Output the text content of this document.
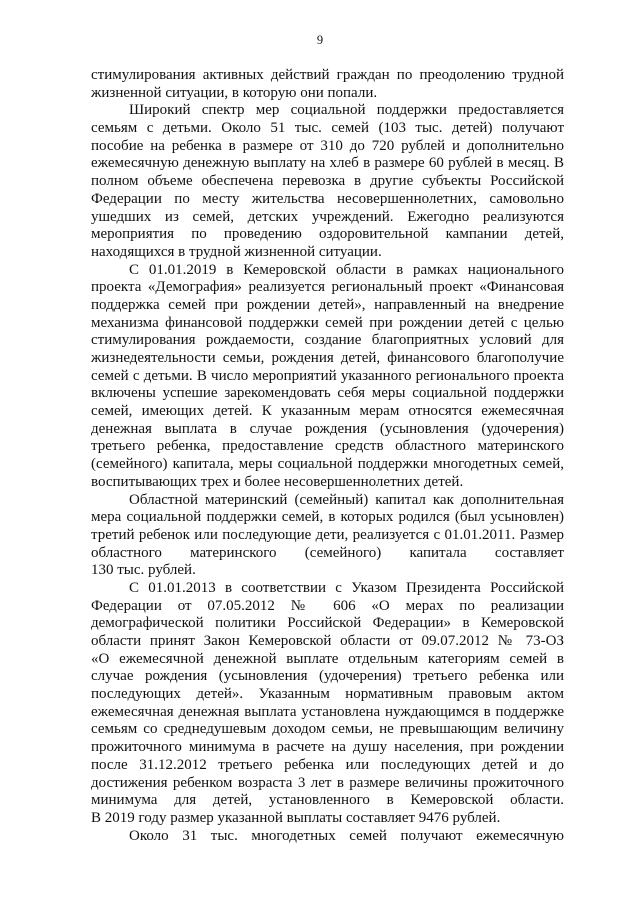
9
стимулирования активных действий граждан по преодолению трудной
жизненной ситуации, в которую они попали.
Широкий спектр мер социальной поддержки предоставляется
семьям с детьми. Около 51 тыс. семей (103 тыс. детей) получают
пособие на ребенка в размере от 310 до 720 рублей и дополнительно
ежемесячную денежную выплату на хлеб в размере 60 рублей в месяц. В
полном объеме обеспечена перевозка в другие субъекты Российской
Федерации по месту жительства несовершеннолетних, самовольно
ушедших из семей, детских учреждений. Ежегодно реализуются
мероприятия по проведению оздоровительной кампании детей,
находящихся в трудной жизненной ситуации.
С 01.01.2019 в Кемеровской области в рамках национального
проекта «Демография» реализуется региональный проект «Финансовая
поддержка семей при рождении детей», направленный на внедрение
механизма финансовой поддержки семей при рождении детей с целью
стимулирования рождаемости, создание благоприятных условий для
жизнедеятельности семьи, рождения детей, финансового благополучие
семей с детьми. В число мероприятий указанного регионального проекта
включены успешие зарекомендовать себя меры социальной поддержки
семей, имеющих детей. К указанным мерам относятся ежемесячная
денежная выплата в случае рождения (усыновления (удочерения)
третьего ребенка, предоставление средств областного материнского
(семейного) капитала, меры социальной поддержки многодетных семей,
воспитывающих трех и более несовершеннолетних детей.
Областной материнский (семейный) капитал как дополнительная
мера социальной поддержки семей, в которых родился (был усыновлен)
третий ребенок или последующие дети, реализуется с 01.01.2011. Размер
областного материнского (семейного) капитала составляет
130 тыс. рублей.
С 01.01.2013 в соответствии с Указом Президента Российской
Федерации от 07.05.2012 № 606 «О мерах по реализации
демографической политики Российской Федерации» в Кемеровской
области принят Закон Кемеровской области от 09.07.2012 № 73-ОЗ
«О ежемесячной денежной выплате отдельным категориям семей в
случае рождения (усыновления (удочерения) третьего ребенка или
последующих детей». Указанным нормативным правовым актом
ежемесячная денежная выплата установлена нуждающимся в поддержке
семьям со среднедушевым доходом семьи, не превышающим величину
прожиточного минимума в расчете на душу населения, при рождении
после 31.12.2012 третьего ребенка или последующих детей и до
достижения ребенком возраста 3 лет в размере величины прожиточного
минимума для детей, установленного в Кемеровской области.
В 2019 году размер указанной выплаты составляет 9476 рублей.
Около 31 тыс. многодетных семей получают ежемесячную
